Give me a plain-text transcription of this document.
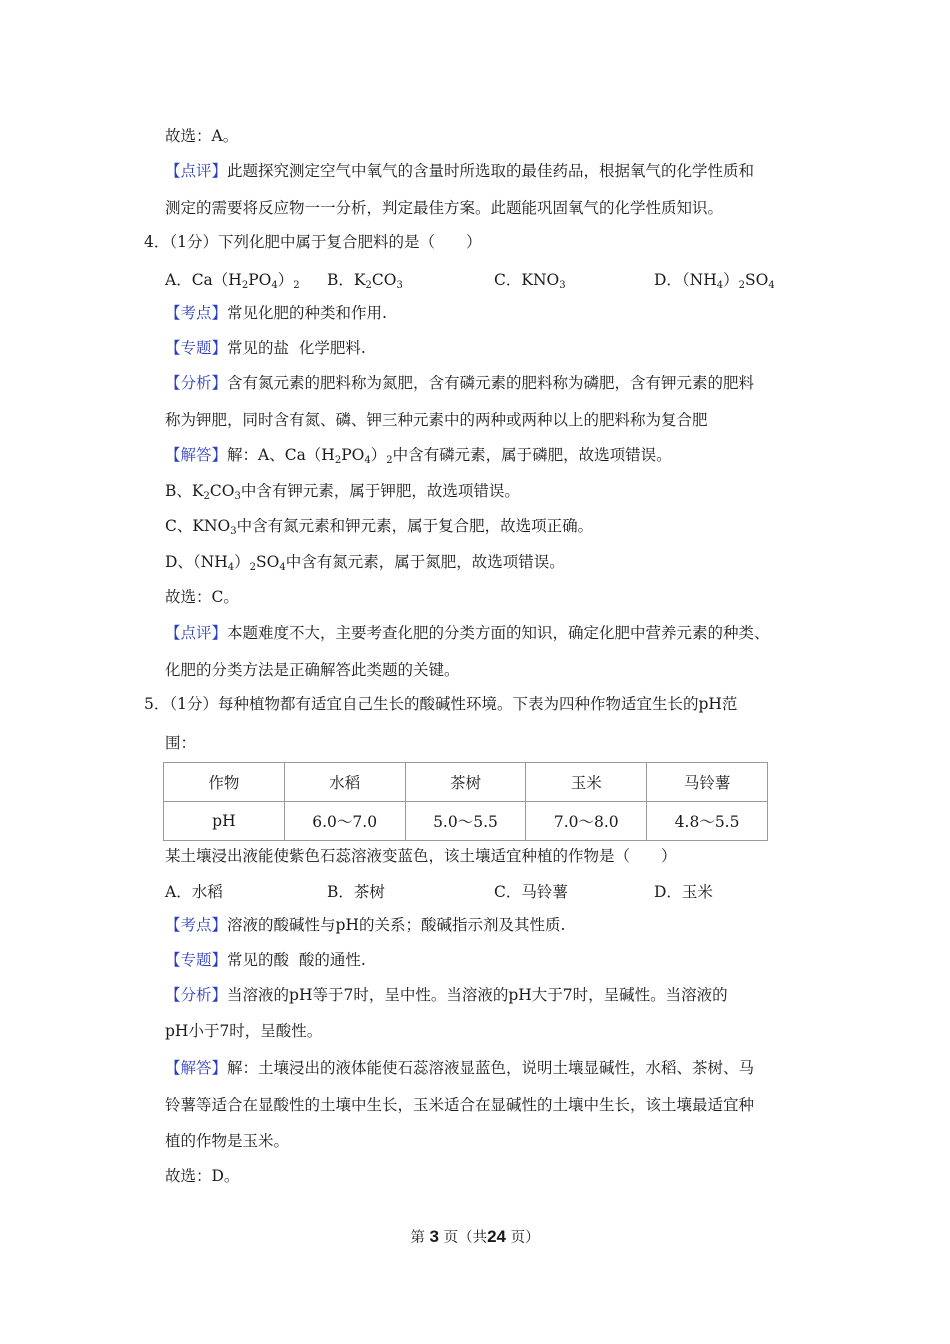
故选：A。
【点评】此题探究测定空气中氧气的含量时所选取的最佳药品，根据氧气的化学性质和
测定的需要将反应物一一分析，判定最佳方案。此题能巩固氧气的化学性质知识。
4．（1分）下列化肥中属于复合肥料的是（　　）
A．$Ca(H_2PO_4)_2$ B．$K_2CO_3$	C．$KNO_3$	D．$(NH_4)_2SO_4$
【考点】常见化肥的种类和作用.
【专题】常见的盐  化学肥料.
【分析】含有氮元素的肥料称为氮肥，含有磷元素的肥料称为磷肥，含有钾元素的肥料
称为钾肥，同时含有氮、磷、钾三种元素中的两种或两种以上的肥料称为复合肥
【解答】解：A、$Ca(H_2PO_4)_2$中含有磷元素，属于磷肥，故选项错误。
B、$K_2CO_3$中含有钾元素，属于钾肥，故选项错误。
C、$KNO_3$中含有氮元素和钾元素，属于复合肥，故选项正确。
D、$(NH_4)_2SO_4$中含有氮元素，属于氮肥，故选项错误。
故选：C。
【点评】本题难度不大，主要考查化肥的分类方面的知识，确定化肥中营养元素的种类、
化肥的分类方法是正确解答此类题的关键。
5．（1分）每种植物都有适宜自己生长的酸碱性环境。下表为四种作物适宜生长的pH范
围：
作物	水稻	茶树	玉米	马铃薯
pH	6.0～7.0	5.0～5.5	7.0～8.0	4.8～5.5
某土壤浸出液能使紫色石蕊溶液变蓝色，该土壤适宜种植的作物是（　　）
A．水稻	B．茶树	C．马铃薯	D．玉米
【考点】溶液的酸碱性与pH的关系；酸碱指示剂及其性质.
【专题】常见的酸  酸的通性.
【分析】当溶液的pH等于7时，呈中性。当溶液的pH大于7时，呈碱性。当溶液的
pH小于7时，呈酸性。
【解答】解：土壤浸出的液体能使石蕊溶液显蓝色，说明土壤显碱性，水稻、茶树、马
铃薯等适合在显酸性的土壤中生长，玉米适合在显碱性的土壤中生长，该土壤最适宜种
植的作物是玉米。
故选：D。
第 3 页（共24 页）
